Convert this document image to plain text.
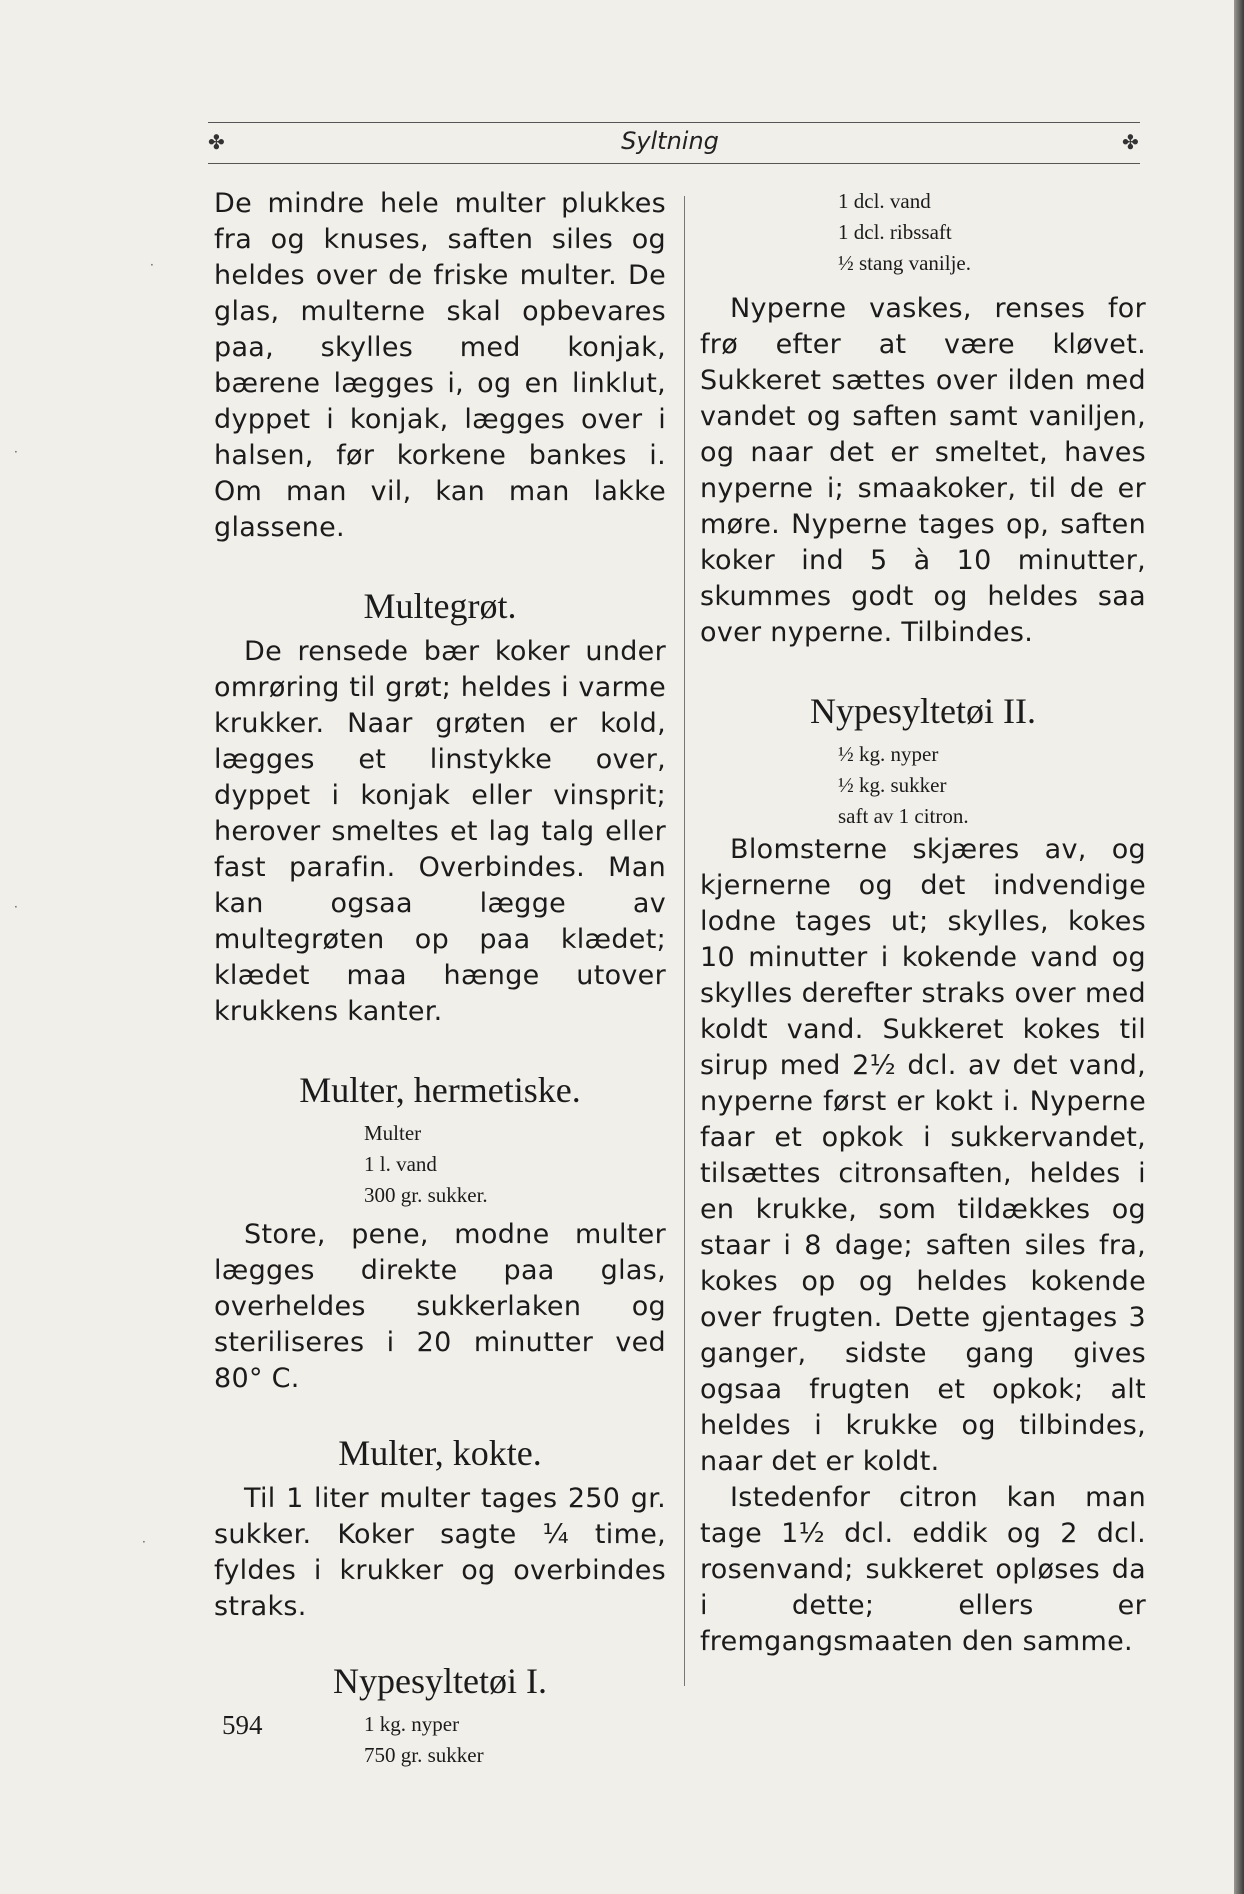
✤	Syltning	✤

De mindre hele multer plukkes fra og knuses, saften siles og heldes over de friske multer. De glas, multerne skal opbevares paa, skylles med konjak, bærene lægges i, og en linklut, dyppet i konjak, lægges over i halsen, før korkene bankes i. Om man vil, kan man lakke glassene.

Multegrøt.

De rensede bær koker under omrøring til grøt; heldes i varme krukker. Naar grøten er kold, lægges et linstykke over, dyppet i konjak eller vinsprit; herover smeltes et lag talg eller fast parafin. Overbindes. Man kan ogsaa lægge av multegrøten op paa klædet; klædet maa hænge utover krukkens kanter.

Multer, hermetiske.

Multer

1 l. vand

300 gr. sukker.

Store, pene, modne multer lægges direkte paa glas, overheldes sukkerlaken og steriliseres i 20 minutter ved 80° C.

Multer, kokte.

Til 1 liter multer tages 250 gr. sukker. Koker sagte ¼ time, fyldes i krukker og overbindes straks.

Nypesyltetøi I.

1 kg. nyper

750 gr. sukker

1 dcl. vand

1 dcl. ribssaft

½ stang vanilje.

Nyperne vaskes, renses for frø efter at være kløvet. Sukkeret sættes over ilden med vandet og saften samt vaniljen, og naar det er smeltet, haves nyperne i; smaakoker, til de er møre. Nyperne tages op, saften koker ind 5 à 10 minutter, skummes godt og heldes saa over nyperne. Tilbindes.

Nypesyltetøi II.

½ kg. nyper

½ kg. sukker

saft av 1 citron.

Blomsterne skjæres av, og kjernerne og det indvendige lodne tages ut; skylles, kokes 10 minutter i kokende vand og skylles derefter straks over med koldt vand. Sukkeret kokes til sirup med 2½ dcl. av det vand, nyperne først er kokt i. Nyperne faar et opkok i sukkervandet, tilsættes citronsaften, heldes i en krukke, som tildækkes og staar i 8 dage; saften siles fra, kokes op og heldes kokende over frugten. Dette gjentages 3 ganger, sidste gang gives ogsaa frugten et opkok; alt heldes i krukke og tilbindes, naar det er koldt.

Istedenfor citron kan man tage 1½ dcl. eddik og 2 dcl. rosenvand; sukkeret opløses da i dette; ellers er fremgangsmaaten den samme.

594
·
·
·
·
